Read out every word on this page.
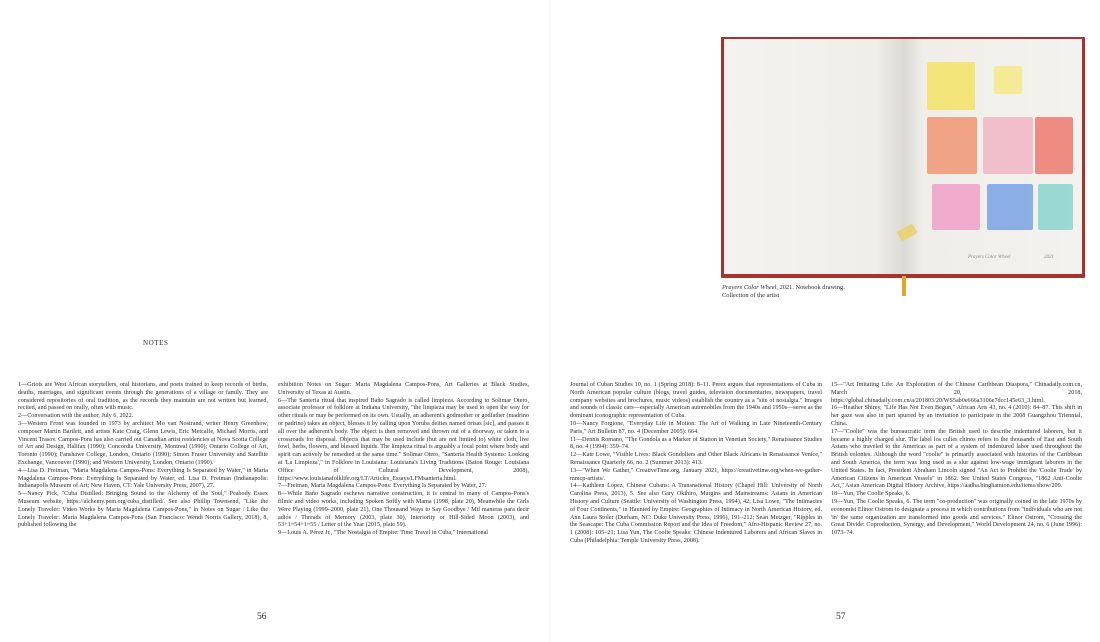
NOTES

1—Griots are West African storytellers, oral historians, and poets trained to keep records of births, deaths, marriages, and significant events through the generations of a village or family. They are considered repositories of oral tradition, as the records they maintain are not written but learned, recited, and passed on orally, often with music.

2—Conversation with the author, July 6, 2022.

3—Western Front was founded in 1973 by architect Mo van Nostrand, writer Henry Greenhow, composer Martin Bartlett, and artists Kate Craig, Glenn Lewis, Eric Metcalfe, Michael Morris, and Vincent Trasov. Campos-Pons has also carried out Canadian artist residencies at Nova Scotia College of Art and Design, Halifax (1990); Concordia University, Montreal (1990); Ontario College of Art, Toronto (1990); Fanshawe College, London, Ontario (1990); Simon Fraser University and Satellite Exchange, Vancouver (1990); and Western University, London, Ontario (1990).

4—Lisa D. Freiman, "Maria Magdalena Campos-Pons: Everything Is Separated by Water," in Maria Magdalena Campos-Pons: Everything Is Separated by Water, ed. Lisa D. Freiman (Indianapolis: Indianapolis Museum of Art; New Haven, CT: Yale University Press, 2007), 27.

5—Nancy Pick, "Cuba Distilled: Bringing Sound to the Alchemy of the Soul," Peabody Essex Museum website, https://alchemy.pem.org/cuba_distilled/. See also Phillip Townsend, "Like the Lonely Traveler: Video Works by Maria Magdalena Campos-Pons," in Notes on Sugar / Like the Lonely Traveler: Maria Magdalena Campos-Pons (San Francisco: Wendi Norris Gallery, 2018), 8, published following the

exhibition Notes on Sugar: Maria Magdalena Campos-Pons, Art Galleries at Black Studies, University of Texas at Austin.

6—The Santeria ritual that inspired Baño Sagrado is called limpieza. According to Solimar Otero, associate professor of folklore at Indiana University, "the limpieza may be used to open the way for other rituals or may be performed on its own. Usually, an adherent's godmother or godfather (madrino or padrino) takes an object, blesses it by calling upon Yoruba deities named orisas [sic], and passes it all over the adherent's body. The object is then removed and thrown out of a doorway, or taken to a crossroads for disposal. Objects that may be used include (but are not limited to) white cloth, live fowl, herbs, flowers, and blessed liquids. The limpieza ritual is arguably a focal point where body and spirit can actively be remedied at the same time." Solimar Otero, "Santeria Health Systems: Looking at 'La Limpieza'," in Folklore in Louisiana: Louisiana's Living Traditions (Baton Rouge: Louisiana Office of Cultural Development, 2008), https://www.louisianafolklife.org/LT/Articles_Essays/LFMsanteria.html.

7—Freiman, Maria Magdalena Campos-Pons: Everything Is Separated by Water, 27.

8—While Baño Sagrado eschews narrative construction, it is central to many of Campos-Pons's filmic and video works, including Spoken Softly with Mama (1998, plate 20), Meanwhile the Girls Were Playing (1999–2000, plate 21), One Thousand Ways to Say Goodbye / Mil maneras para decir adiós / Threads of Memory (2003, plate 30), Interiority or Hill-Sided Moon (2003), and 53+1=54+1=55 / Letter of the Year (2015, plate 59).

9—Louis A. Pérez Jr., "The Nostalgia of Empire: Time Travel in Cuba," International

56
Prayers Color Wheel	2021
Prayers Color Wheel, 2021. Notebook drawing. Collection of the artist

Journal of Cuban Studies 10, no. 1 (Spring 2018): 8–11. Perez argues that representations of Cuba in North American popular culture (blogs, travel guides, television documentaries, newspapers, travel company websites and brochures, music videos) establish the country as a "site of nostalgia." Images and sounds of classic cars—especially American automobiles from the 1940s and 1950s—serve as the dominant iconographic representation of Cuba.

10—Nancy Forgione, "Everyday Life in Motion: The Art of Walking in Late Nineteenth-Century Paris," Art Bulletin 87, no. 4 (December 2005): 664.

11—Dennis Romano, "The Gondola as a Marker of Station in Venetian Society," Renaissance Studies 8, no. 4 (1994): 359–74.

12—Kate Lowe, "Visible Lives: Black Gondoliers and Other Black Africans in Renaissance Venice," Renaissance Quarterly 66, no. 2 (Summer 2013): 413.

13—"When We Gather," CreativeTime.org, January 2021, https://creativetime.org/when-we-gather-mmcp-artists/.

14—Kathleen López, Chinese Cubans: A Transnational History (Chapel Hill: University of North Carolina Press, 2013), 5. See also Gary Okihiro, Margins and Mainstreams: Asians in American History and Culture (Seattle: University of Washington Press, 1994), 42; Lisa Lowe, "The Intimacies of Four Continents," in Haunted by Empire: Geographies of Intimacy in North American History, ed. Ann Laura Stoler (Durham, NC: Duke University Press, 1996), 191–212; Sean Metzger, "Ripples in the Seascape: The Cuba Commission Report and the Idea of Freedom," Afro-Hispanic Review 27, no. 1 (2008): 105–21; Lisa Yun, The Coolie Speaks: Chinese Indentured Laborers and African Slaves in Cuba (Philadelphia: Temple University Press, 2008).

15—"Art Imitating Life: An Exploration of the Chinese Caribbean Diaspora," Chinadaily.com.cn, March 20, 2018, https://global.chinadaily.com.cn/a/201803/20/WS5ab0e666a3106e7dcc145e63_3.html.

16—Heather Shirey, "Life Has Not Even Begun," African Arts 43, no. 4 (2010): 84–87. This shift in her gaze was also in part spurred by an invitation to participate in the 2008 Guangzhou Triennial, China.

17—"Coolie" was the bureaucratic term the British used to describe indentured laborers, but it became a highly charged slur. The label los culíes chinos refers to the thousands of East and South Asians who traveled to the Americas as part of a system of indentured labor used throughout the British colonies. Although the word "coolie" is primarily associated with histories of the Caribbean and South America, the term was long used as a slur against low-wage immigrant laborers in the United States. In fact, President Abraham Lincoln signed "An Act to Prohibit the 'Coolie Trade' by American Citizens in American Vessels" in 1862. See United States Congress, "1862 Anti-Coolie Act," Asian American Digital History Archive, https://aadha.binghamton.edu/items/show/209.

18—Yun, The Coolie Speaks, 6.

19—Yun, The Coolie Speaks, 6. The term "co-production" was originally coined in the late 1970s by economist Elinor Ostrom to designate a process in which contributions from "individuals who are not 'in' the same organization are transformed into goods and services." Elinor Ostrom, "Crossing the Great Divide: Coproduction, Synergy, and Development," World Development 24, no. 6 (June 1996): 1073–74.

57
